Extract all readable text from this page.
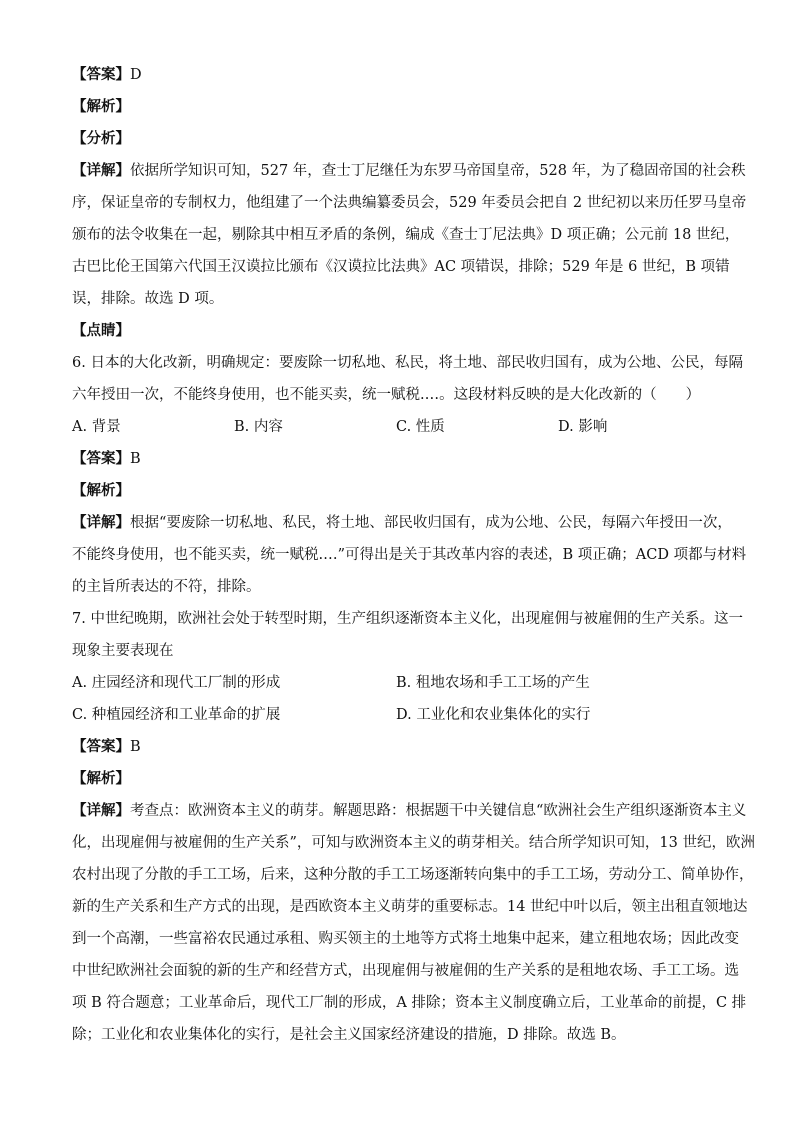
【答案】D
【解析】
【分析】
【详解】依据所学知识可知，527 年，查士丁尼继任为东罗马帝国皇帝，528 年，为了稳固帝国的社会秩
序，保证皇帝的专制权力，他组建了一个法典编纂委员会，529 年委员会把自 2 世纪初以来历任罗马皇帝
颁布的法令收集在一起，剔除其中相互矛盾的条例，编成《查士丁尼法典》D 项正确；公元前 18 世纪，
古巴比伦王国第六代国王汉谟拉比颁布《汉谟拉比法典》AC 项错误，排除；529 年是 6 世纪，B 项错
误，排除。故选 D 项。
【点睛】
6. 日本的大化改新，明确规定：要废除一切私地、私民，将土地、部民收归国有，成为公地、公民，每隔
六年授田一次，不能终身使用，也不能买卖，统一赋税.…。这段材料反映的是大化改新的（　　）
A. 背景	B. 内容	C. 性质	D. 影响
【答案】B
【解析】
【详解】根据“要废除一切私地、私民，将土地、部民收归国有，成为公地、公民，每隔六年授田一次，
不能终身使用，也不能买卖，统一赋税.…”可得出是关于其改革内容的表述，B 项正确；ACD 项都与材料
的主旨所表达的不符，排除。
7. 中世纪晚期，欧洲社会处于转型时期，生产组织逐渐资本主义化，出现雇佣与被雇佣的生产关系。这一
现象主要表现在
A. 庄园经济和现代工厂制的形成	B. 租地农场和手工工场的产生
C. 种植园经济和工业革命的扩展	D. 工业化和农业集体化的实行
【答案】B
【解析】
【详解】考查点：欧洲资本主义的萌芽。解题思路：根据题干中关键信息“欧洲社会生产组织逐渐资本主义
化，出现雇佣与被雇佣的生产关系”，可知与欧洲资本主义的萌芽相关。结合所学知识可知，13 世纪，欧洲
农村出现了分散的手工工场，后来，这种分散的手工工场逐渐转向集中的手工工场，劳动分工、简单协作，
新的生产关系和生产方式的出现，是西欧资本主义萌芽的重要标志。14 世纪中叶以后，领主出租直领地达
到一个高潮，一些富裕农民通过承租、购买领主的土地等方式将土地集中起来，建立租地农场；因此改变
中世纪欧洲社会面貌的新的生产和经营方式，出现雇佣与被雇佣的生产关系的是租地农场、手工工场。选
项 B 符合题意；工业革命后，现代工厂制的形成，A 排除；资本主义制度确立后，工业革命的前提，C 排
除；工业化和农业集体化的实行，是社会主义国家经济建设的措施，D 排除。故选 B。
